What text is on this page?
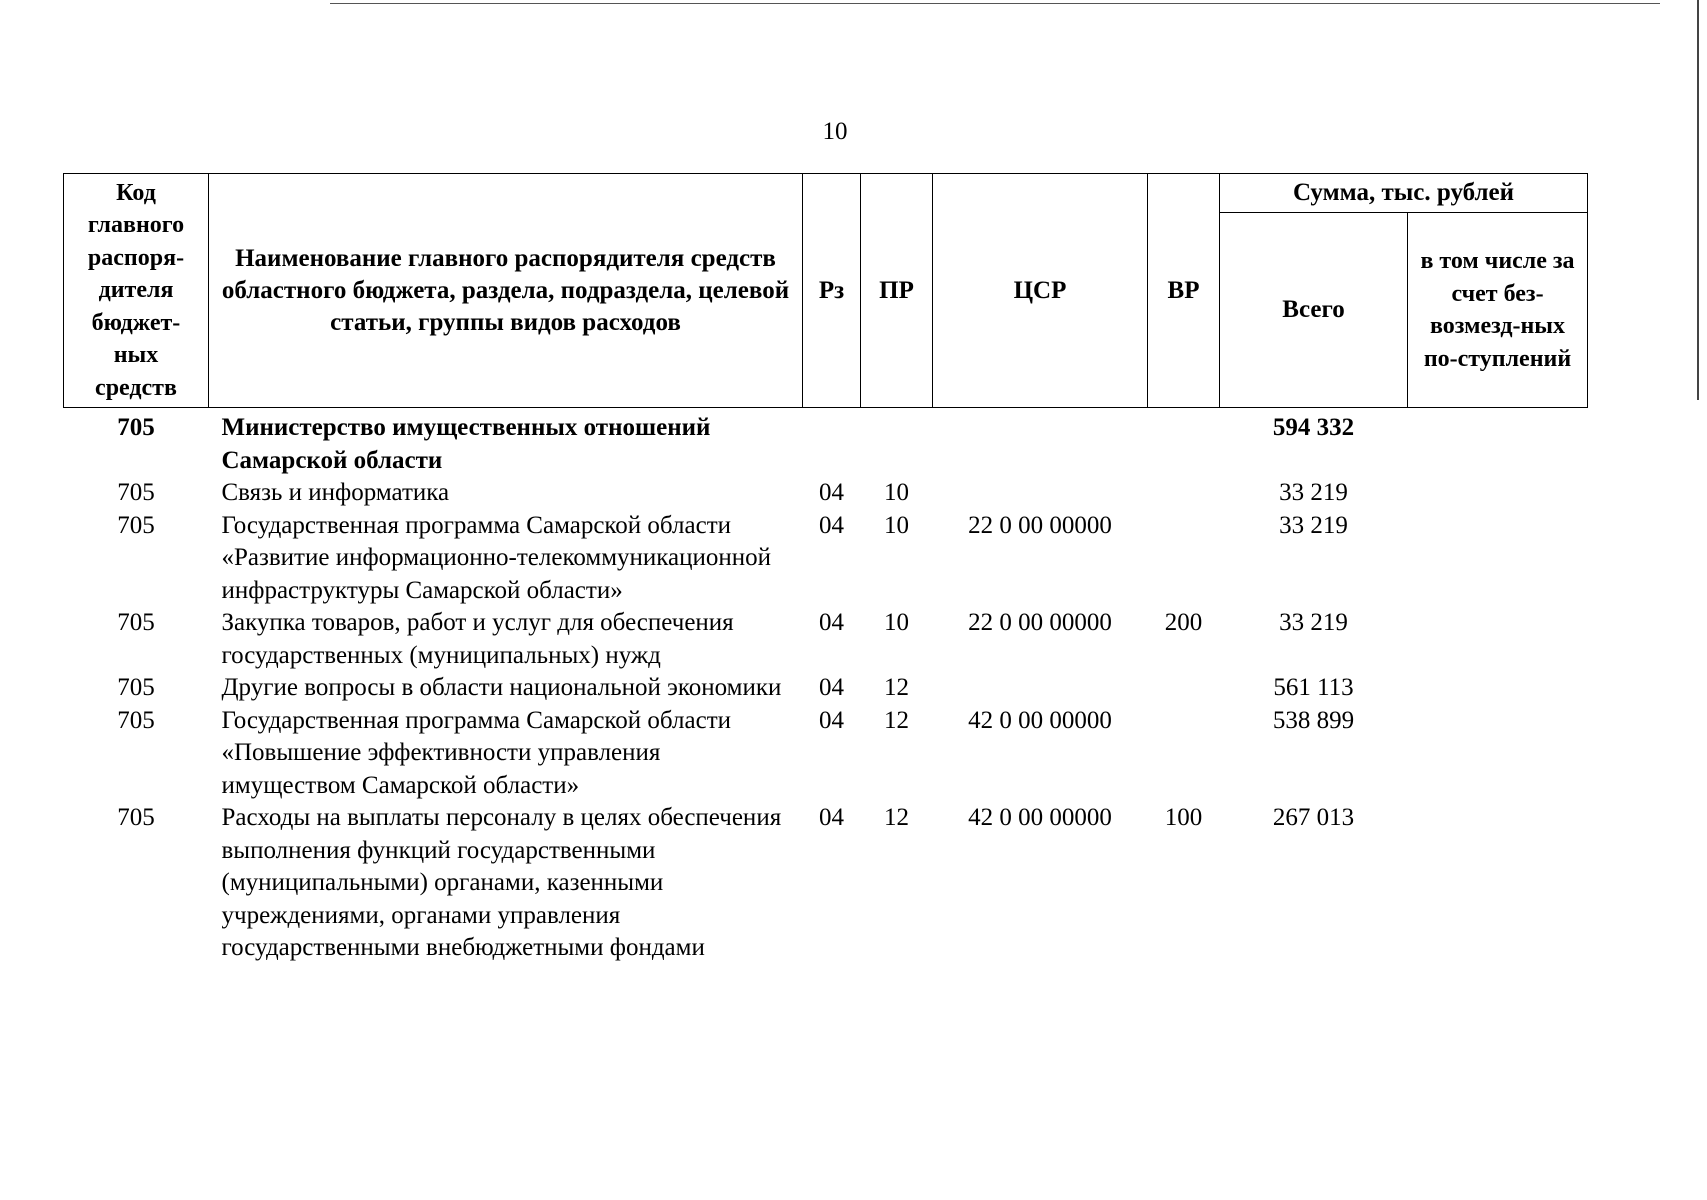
10
Код главного распоря-дителя бюджет-ных средств	Наименование главного распорядителя средств областного бюджета, раздела, подраздела, целевой статьи, группы видов расходов	Рз	ПР	ЦСР	ВР	Сумма, тыс. рублей	
						Всего	в том числе за счет без-возмезд-ных по-ступлений
705	Министерство имущественных отношений Самарской области					594 332	
705	Связь и информатика	04	10			33 219	
705	Государственная программа Самарской области «Развитие информационно-телекоммуникационной инфраструктуры Самарской области»	04	10	22 0 00 00000		33 219	
705	Закупка товаров, работ и услуг для обеспечения государственных (муниципальных) нужд	04	10	22 0 00 00000	200	33 219	
705	Другие вопросы в области национальной экономики	04	12			561 113	
705	Государственная программа Самарской области «Повышение эффективности управления имуществом Самарской области»	04	12	42 0 00 00000		538 899	
705	Расходы на выплаты персоналу в целях обеспечения выполнения функций государственными (муниципальными) органами, казенными учреждениями, органами управления государственными внебюджетными фондами	04	12	42 0 00 00000	100	267 013	
